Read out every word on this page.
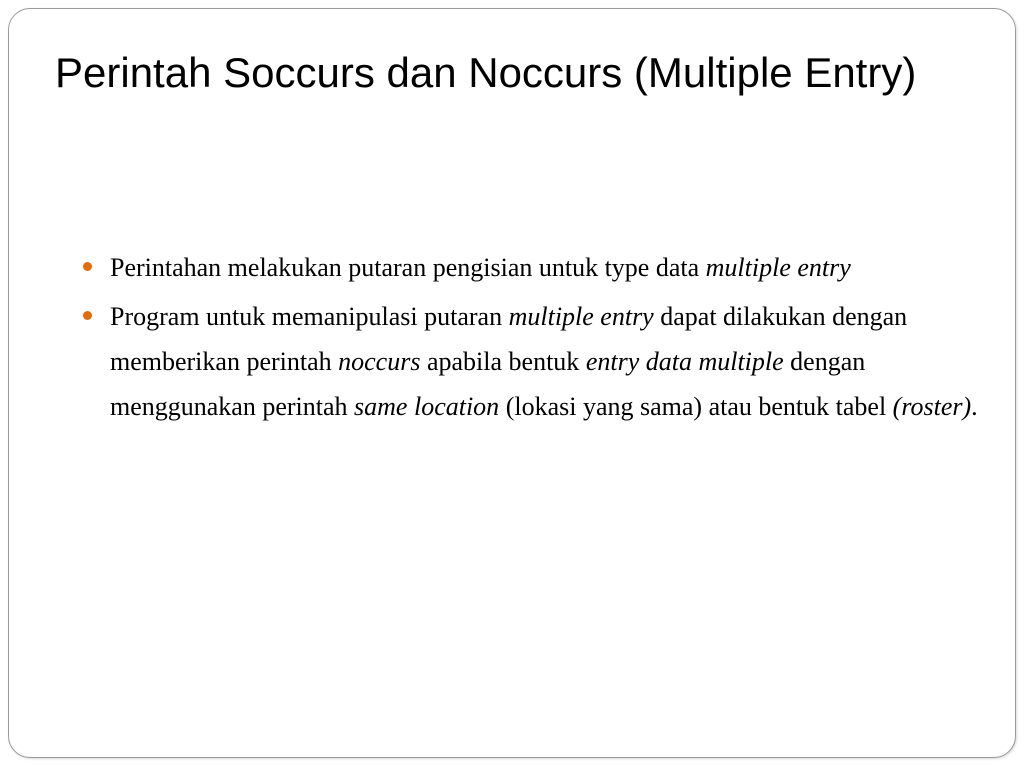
Perintah Soccurs dan Noccurs (Multiple Entry)
Perintahan melakukan putaran pengisian untuk type data multiple entry
Program untuk memanipulasi putaran multiple entry dapat dilakukan dengan memberikan perintah noccurs apabila bentuk entry data multiple dengan menggunakan perintah same location (lokasi yang sama) atau bentuk tabel (roster).
